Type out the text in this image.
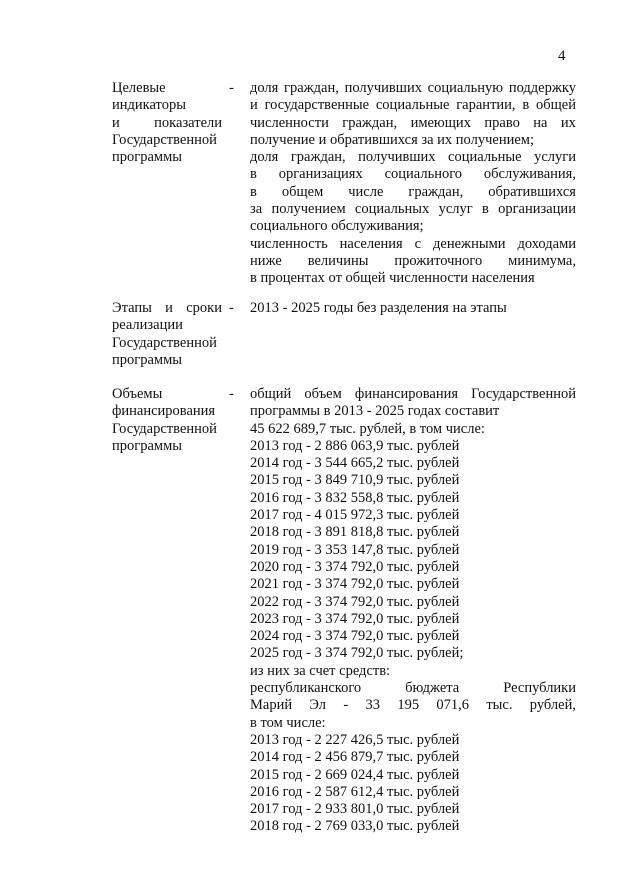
4
Целевые
индикаторы
и показатели
Государственной
программы
- доля граждан, получивших социальную поддержку
и государственные социальные гарантии, в общей
численности граждан, имеющих право на их
получение и обратившихся за их получением;
доля граждан, получивших социальные услуги
в организациях социального обслуживания,
в общем числе граждан, обратившихся
за получением социальных услуг в организации
социального обслуживания;
численность населения с денежными доходами
ниже величины прожиточного минимума,
в процентах от общей численности населения
Этапы и сроки
реализации
Государственной
программы
- 2013 - 2025 годы без разделения на этапы
Объемы
финансирования
Государственной
программы
- общий объем финансирования Государственной
программы в 2013 - 2025 годах составит
45 622 689,7 тыс. рублей, в том числе:
2013 год - 2 886 063,9 тыс. рублей
2014 год - 3 544 665,2 тыс. рублей
2015 год - 3 849 710,9 тыс. рублей
2016 год - 3 832 558,8 тыс. рублей
2017 год - 4 015 972,3 тыс. рублей
2018 год - 3 891 818,8 тыс. рублей
2019 год - 3 353 147,8 тыс. рублей
2020 год - 3 374 792,0 тыс. рублей
2021 год - 3 374 792,0 тыс. рублей
2022 год - 3 374 792,0 тыс. рублей
2023 год - 3 374 792,0 тыс. рублей
2024 год - 3 374 792,0 тыс. рублей
2025 год - 3 374 792,0 тыс. рублей;
из них за счет средств:
республиканского	бюджета	Республики
Марий Эл - 33 195 071,6 тыс. рублей,
в том числе:
2013 год - 2 227 426,5 тыс. рублей
2014 год - 2 456 879,7 тыс. рублей
2015 год - 2 669 024,4 тыс. рублей
2016 год - 2 587 612,4 тыс. рублей
2017 год - 2 933 801,0 тыс. рублей
2018 год - 2 769 033,0 тыс. рублей
